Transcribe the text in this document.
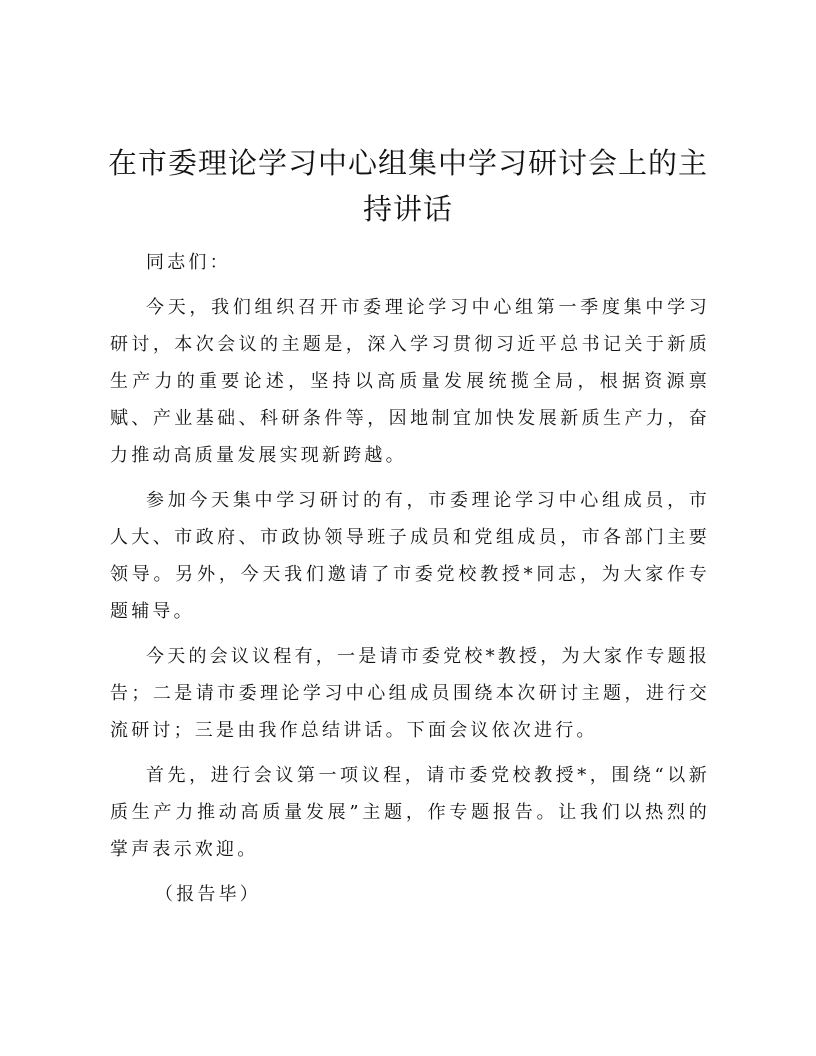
在市委理论学习中心组集中学习研讨会上的主持讲话

同志们：

今天，我们组织召开市委理论学习中心组第一季度集中学习研讨，本次会议的主题是，深入学习贯彻习近平总书记关于新质生产力的重要论述，坚持以高质量发展统揽全局，根据资源禀赋、产业基础、科研条件等，因地制宜加快发展新质生产力，奋力推动高质量发展实现新跨越。

参加今天集中学习研讨的有，市委理论学习中心组成员，市人大、市政府、市政协领导班子成员和党组成员，市各部门主要领导。另外，今天我们邀请了市委党校教授*同志，为大家作专题辅导。

今天的会议议程有，一是请市委党校*教授，为大家作专题报告；二是请市委理论学习中心组成员围绕本次研讨主题，进行交流研讨；三是由我作总结讲话。下面会议依次进行。

首先，进行会议第一项议程，请市委党校教授*，围绕“以新质生产力推动高质量发展”主题，作专题报告。让我们以热烈的掌声表示欢迎。

（报告毕）
